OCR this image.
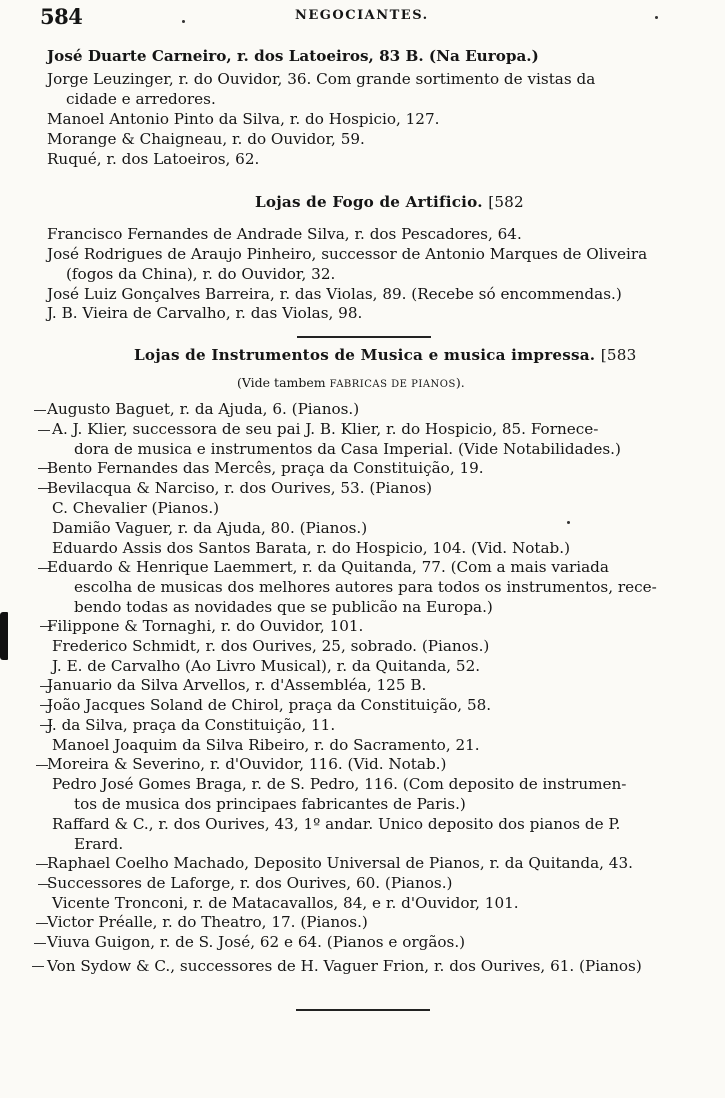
584	NEGOCIANTES.
José Duarte Carneiro, r. dos Latoeiros, 83 B. (Na Europa.)
Jorge Leuzinger, r. do Ouvidor, 36. Com grande sortimento de vistas da
cidade e arredores.
Manoel Antonio Pinto da Silva, r. do Hospicio, 127.
Morange & Chaigneau, r. do Ouvidor, 59.
Ruqué, r. dos Latoeiros, 62.
Lojas de Fogo de Artificio. [582
Francisco Fernandes de Andrade Silva, r. dos Pescadores, 64.
José Rodrigues de Araujo Pinheiro, successor de Antonio Marques de Oliveira
(fogos da China), r. do Ouvidor, 32.
José Luiz Gonçalves Barreira, r. das Violas, 89. (Recebe só encommendas.)
J. B. Vieira de Carvalho, r. das Violas, 98.
Lojas de Instrumentos de Musica e musica impressa. [583
(Vide tambem FABRICAS DE PIANOS).
Augusto Baguet, r. da Ajuda, 6. (Pianos.)
A. J. Klier, successora de seu pai J. B. Klier, r. do Hospicio, 85. Fornece-
dora de musica e instrumentos da Casa Imperial. (Vide Notabilidades.)
Bento Fernandes das Mercês, praça da Constituição, 19.
Bevilacqua & Narciso, r. dos Ourives, 53. (Pianos)
C. Chevalier (Pianos.)
Damião Vaguer, r. da Ajuda, 80. (Pianos.)
Eduardo Assis dos Santos Barata, r. do Hospicio, 104. (Vid. Notab.)
Eduardo & Henrique Laemmert, r. da Quitanda, 77. (Com a mais variada
escolha de musicas dos melhores autores para todos os instrumentos, rece-
bendo todas as novidades que se publicão na Europa.)
Filippone & Tornaghi, r. do Ouvidor, 101.
Frederico Schmidt, r. dos Ourives, 25, sobrado. (Pianos.)
J. E. de Carvalho (Ao Livro Musical), r. da Quitanda, 52.
Januario da Silva Arvellos, r. d'Assembléa, 125 B.
João Jacques Soland de Chirol, praça da Constituição, 58.
J. da Silva, praça da Constituição, 11.
Manoel Joaquim da Silva Ribeiro, r. do Sacramento, 21.
Moreira & Severino, r. d'Ouvidor, 116. (Vid. Notab.)
Pedro José Gomes Braga, r. de S. Pedro, 116. (Com deposito de instrumen-
tos de musica dos principaes fabricantes de Paris.)
Raffard & C., r. dos Ourives, 43, 1º andar. Unico deposito dos pianos de P.
Erard.
Raphael Coelho Machado, Deposito Universal de Pianos, r. da Quitanda, 43.
Successores de Laforge, r. dos Ourives, 60. (Pianos.)
Vicente Tronconi, r. de Matacavallos, 84, e r. d'Ouvidor, 101.
Victor Préalle, r. do Theatro, 17. (Pianos.)
Viuva Guigon, r. de S. José, 62 e 64. (Pianos e orgãos.)
Von Sydow & C., successores de H. Vaguer Frion, r. dos Ourives, 61. (Pianos)
